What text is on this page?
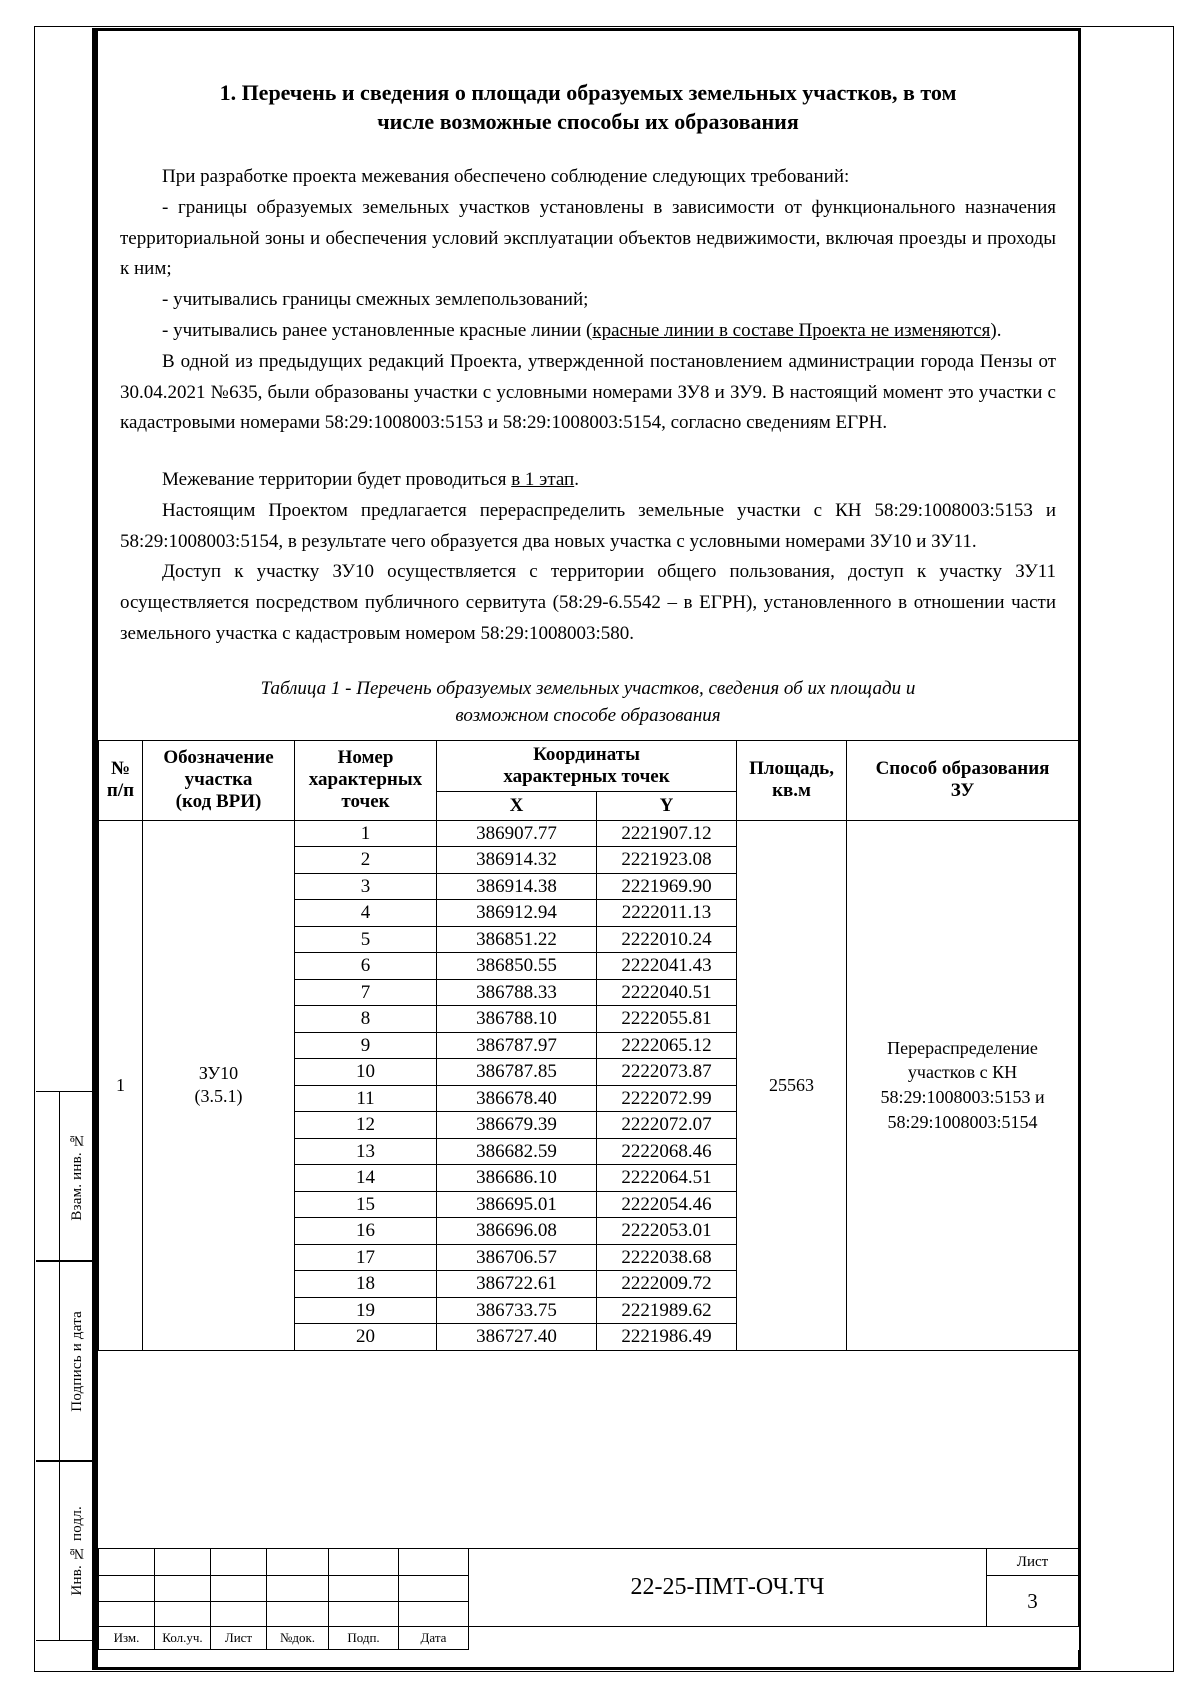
Взам. инв. №
Подпись и дата
Инв. № подл.
1. Перечень и сведения о площади образуемых земельных участков, в том
числе возможные способы их образования

При разработке проекта межевания обеспечено соблюдение следующих требований:

- границы образуемых земельных участков установлены в зависимости от функционального назначения территориальной зоны и обеспечения условий эксплуатации объектов недвижимости, включая проезды и проходы к ним;

- учитывались границы смежных землепользований;

- учитывались ранее установленные красные линии (красные линии в составе Проекта не изменяются).

В одной из предыдущих редакций Проекта, утвержденной постановлением администрации города Пензы от 30.04.2021 №635, были образованы участки с условными номерами ЗУ8 и ЗУ9. В настоящий момент это участки с кадастровыми номерами 58:29:1008003:5153 и 58:29:1008003:5154, согласно сведениям ЕГРН.

Межевание территории будет проводиться в 1 этап.

Настоящим Проектом предлагается перераспределить земельные участки с КН 58:29:1008003:5153 и 58:29:1008003:5154, в результате чего образуется два новых участка с условными номерами ЗУ10 и ЗУ11.

Доступ к участку ЗУ10 осуществляется с территории общего пользования, доступ к участку ЗУ11 осуществляется посредством публичного сервитута (58:29-6.5542 – в ЕГРН), установленного в отношении части земельного участка с кадастровым номером 58:29:1008003:580.

Таблица 1 - Перечень образуемых земельных участков, сведения об их площади и
возможном способе образования

№
п/п	Обозначение
участка
(код ВРИ)	Номер
характерных
точек	Координаты
характерных точек		Площадь,
кв.м	Способ образования
ЗУ
			X	Y		
1	ЗУ10
(3.5.1)	1	386907.77	2221907.12	25563	Перераспределение
участков с КН
58:29:1008003:5153 и
58:29:1008003:5154
		2	386914.32	2221923.08		
		3	386914.38	2221969.90		
		4	386912.94	2222011.13		
		5	386851.22	2222010.24		
		6	386850.55	2222041.43		
		7	386788.33	2222040.51		
		8	386788.10	2222055.81		
		9	386787.97	2222065.12		
		10	386787.85	2222073.87		
		11	386678.40	2222072.99		
		12	386679.39	2222072.07		
		13	386682.59	2222068.46		
		14	386686.10	2222064.51		
		15	386695.01	2222054.46		
		16	386696.08	2222053.01		
		17	386706.57	2222038.68		
		18	386722.61	2222009.72		
		19	386733.75	2221989.62		
		20	386727.40	2221986.49		
						22-25-ПМТ-ОЧ.ТЧ	Лист
							3

Изм.	Кол.уч.	Лист	№док.	Подп.	Дата		
